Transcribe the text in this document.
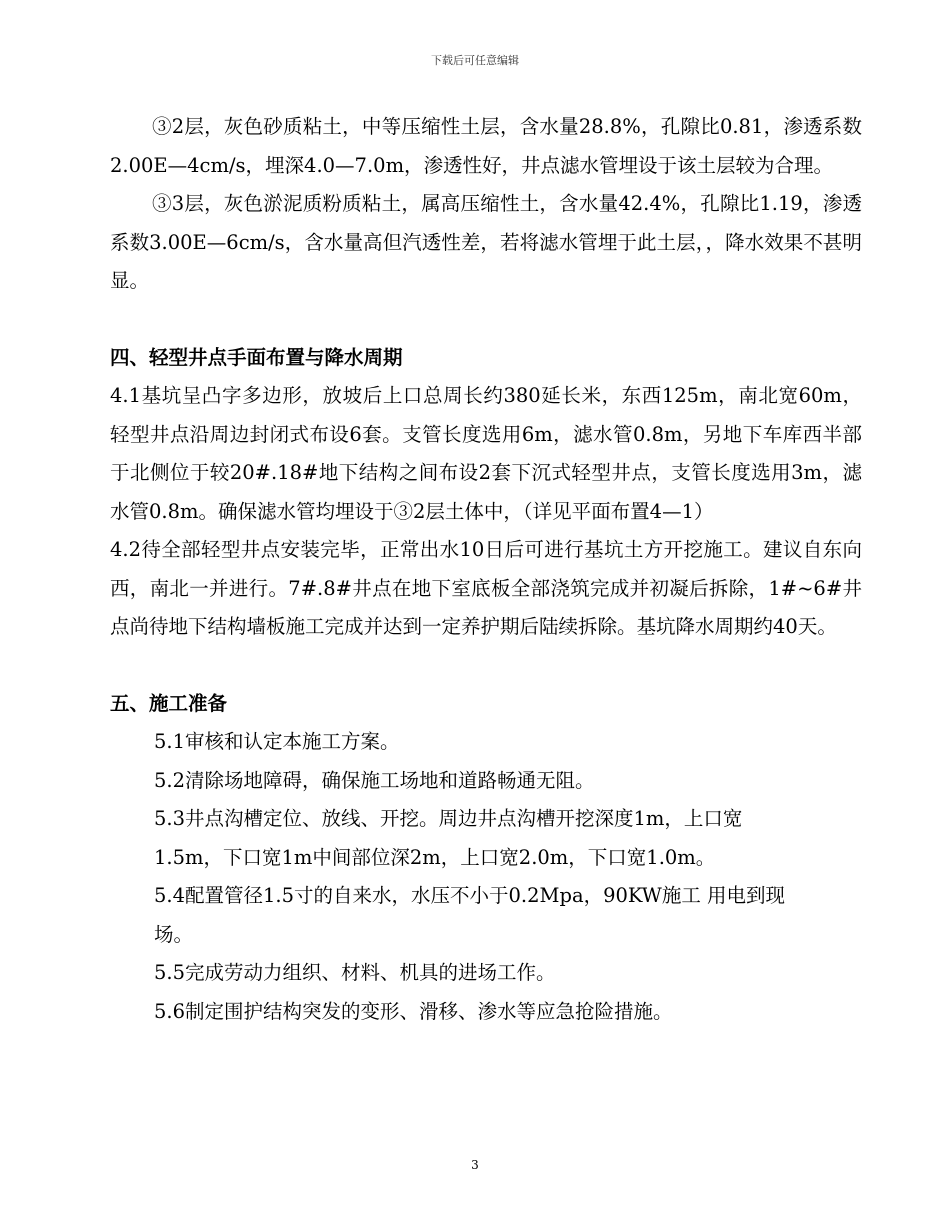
下载后可任意编辑

③2层，灰色砂质粘土，中等压缩性土层，含水量28.8%，孔隙比0.81，渗透系数2.00E—4cm/s，埋深4.0—7.0m，渗透性好，井点滤水管埋设于该土层较为合理。

③3层，灰色淤泥质粉质粘土，属高压缩性土，含水量42.4%，孔隙比1.19，渗透系数3.00E—6cm/s，含水量高但汽透性差，若将滤水管埋于此土层，，降水效果不甚明显。

四、轻型井点手面布置与降水周期

4.1基坑呈凸字多边形，放坡后上口总周长约380延长米，东西125m，南北宽60m，轻型井点沿周边封闭式布设6套。支管长度选用6m，滤水管0.8m，另地下车库西半部于北侧位于较20#.18#地下结构之间布设2套下沉式轻型井点，支管长度选用3m，滤水管0.8m。确保滤水管均埋设于③2层土体中，（详见平面布置4—1）

4.2待全部轻型井点安装完毕，正常出水10日后可进行基坑土方开挖施工。建议自东向西，南北一并进行。7#.8#井点在地下室底板全部浇筑完成并初凝后拆除，1#~6#井点尚待地下结构墙板施工完成并达到一定养护期后陆续拆除。基坑降水周期约40天。

五、施工准备

5.1审核和认定本施工方案。

5.2清除场地障碍，确保施工场地和道路畅通无阻。

5.3井点沟槽定位、放线、开挖。周边井点沟槽开挖深度1m，上口宽1.5m，下口宽1m中间部位深2m，上口宽2.0m，下口宽1.0m。

5.4配置管径1.5寸的自来水，水压不小于0.2Mpa，90KW施工 用电到现场。

5.5完成劳动力组织、材料、机具的进场工作。

5.6制定围护结构突发的变形、滑移、渗水等应急抢险措施。

3
